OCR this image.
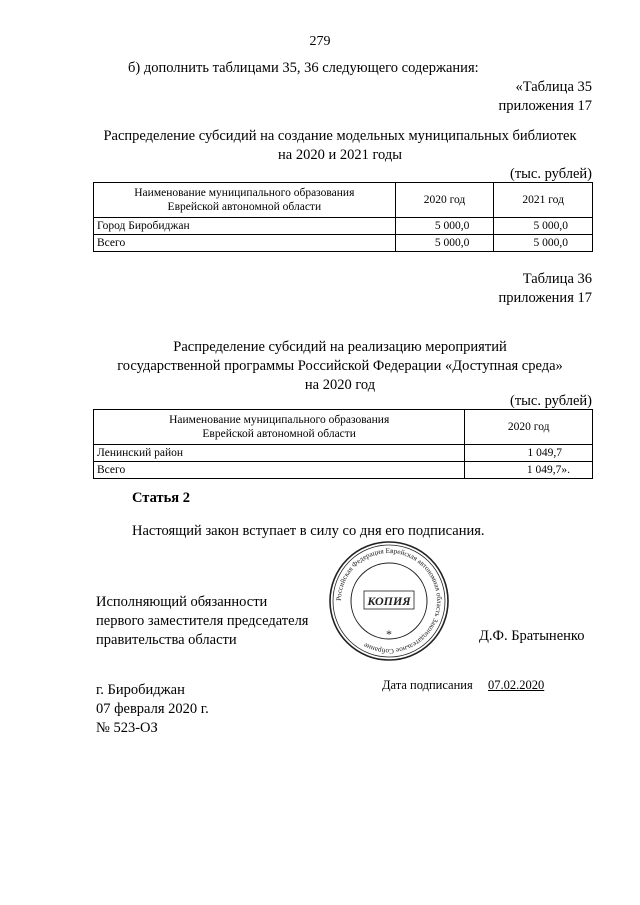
279
б) дополнить таблицами 35, 36 следующего содержания:
«Таблица 35
приложения 17
Распределение субсидий на создание модельных муниципальных библиотек
на 2020 и 2021 годы
(тыс. рублей)
Наименование муниципального образования
Еврейской автономной области	2020 год	2021 год
Город Биробиджан	5 000,0	5 000,0
Всего	5 000,0	5 000,0
Таблица 36
приложения 17
Распределение субсидий на реализацию мероприятий
государственной программы Российской Федерации «Доступная среда»
на 2020 год
(тыс. рублей)
Наименование муниципального образования
Еврейской автономной области	2020 год
Ленинский район	1 049,7
Всего	1 049,7».
Статья 2
Настоящий закон вступает в силу со дня его подписания.
Исполняющий обязанности
первого заместителя председателя
правительства области	Д.Ф. Братыненко
Российская Федерация Еврейская автономная область Законодательное Собрание
КОПИЯ
*
г. Биробиджан
07 февраля 2020 г.
№ 523-ОЗ
Дата подписания 07.02.2020
